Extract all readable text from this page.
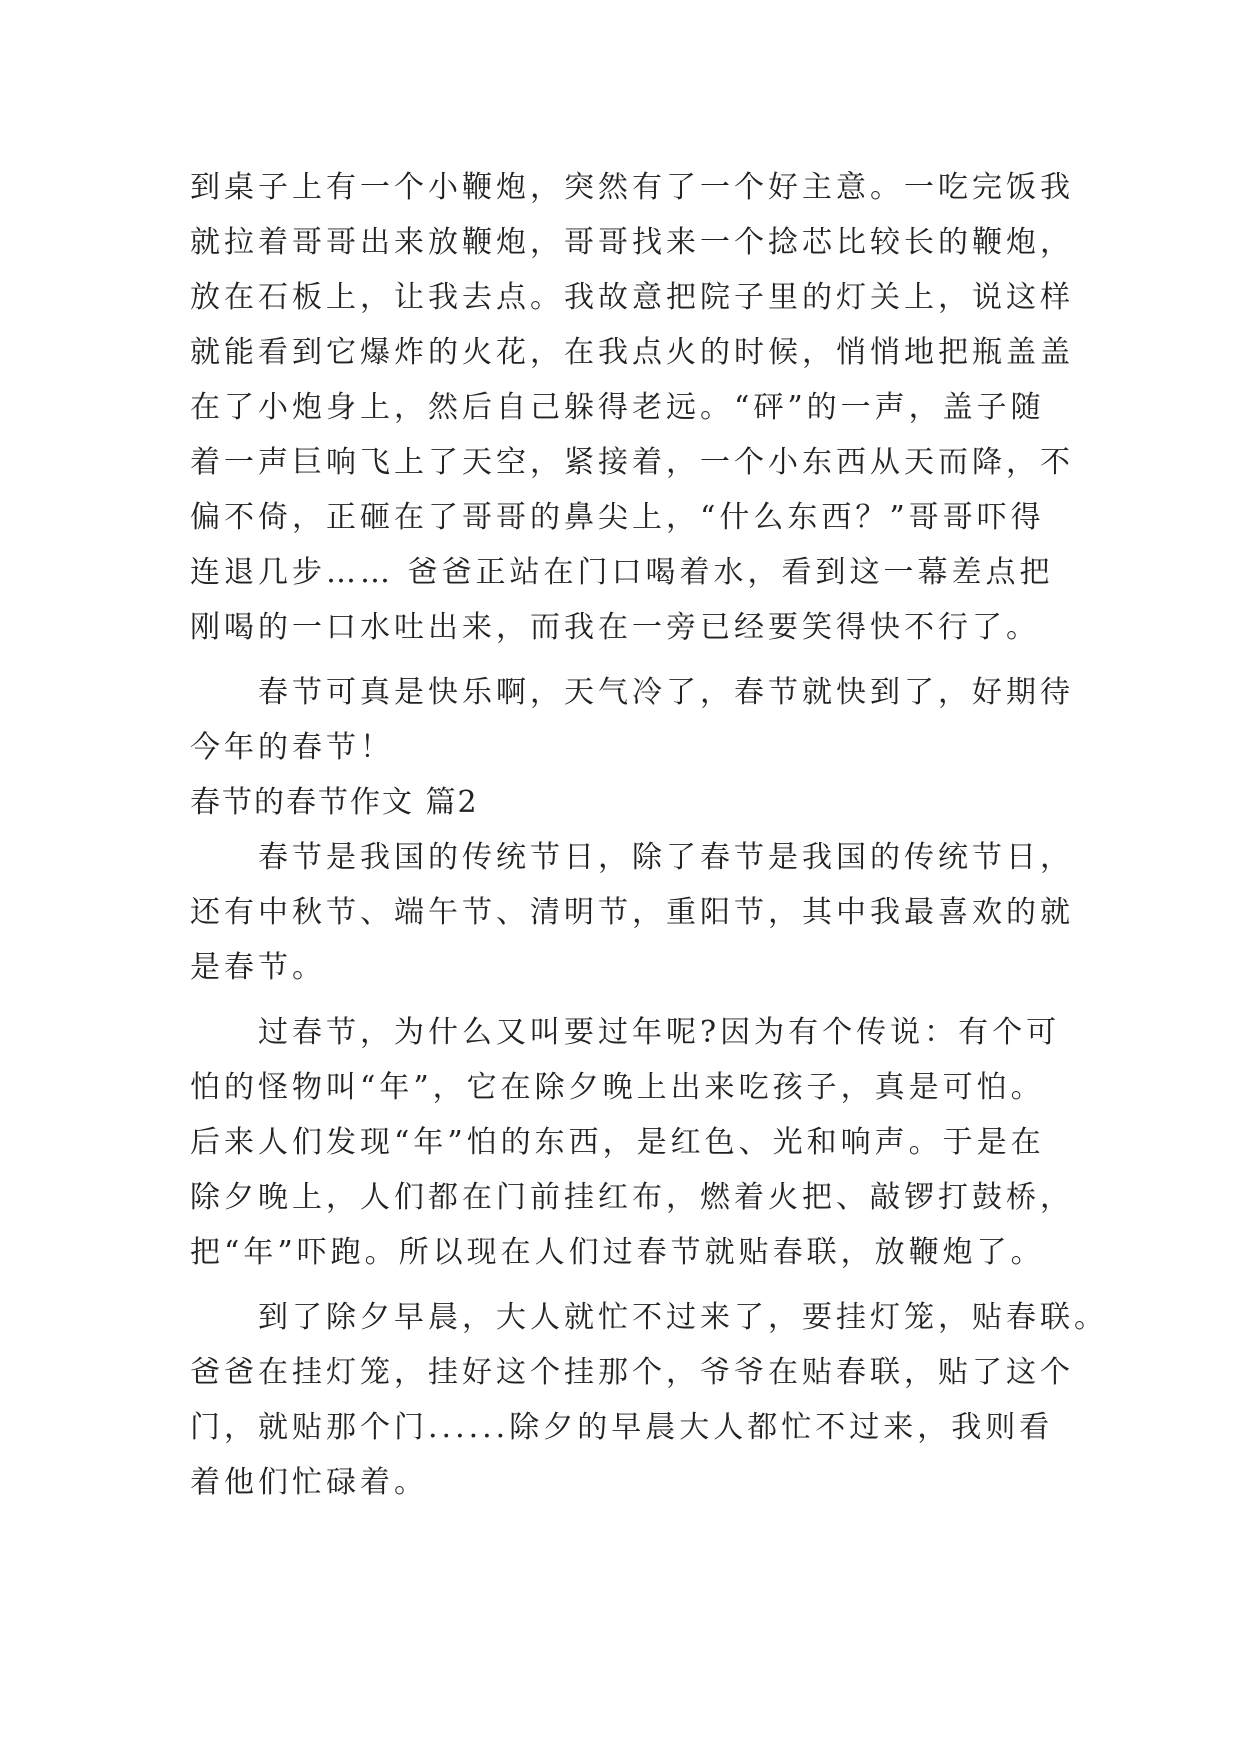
到桌子上有一个小鞭炮，突然有了一个好主意。一吃完饭我
就拉着哥哥出来放鞭炮，哥哥找来一个捻芯比较长的鞭炮，
放在石板上，让我去点。我故意把院子里的灯关上，说这样
就能看到它爆炸的火花，在我点火的时候，悄悄地把瓶盖盖
在了小炮身上，然后自己躲得老远。“砰”的一声，盖子随
着一声巨响飞上了天空，紧接着，一个小东西从天而降，不
偏不倚，正砸在了哥哥的鼻尖上，“什么东西？”哥哥吓得
连退几步…… 爸爸正站在门口喝着水，看到这一幕差点把
刚喝的一口水吐出来，而我在一旁已经要笑得快不行了。

春节可真是快乐啊，天气冷了，春节就快到了，好期待
今年的春节！

春节的春节作文 篇2

春节是我国的传统节日，除了春节是我国的传统节日，
还有中秋节、端午节、清明节，重阳节，其中我最喜欢的就
是春节。

过春节，为什么又叫要过年呢?因为有个传说：有个可
怕的怪物叫“年”，它在除夕晚上出来吃孩子，真是可怕。
后来人们发现“年”怕的东西，是红色、光和响声。于是在
除夕晚上，人们都在门前挂红布，燃着火把、敲锣打鼓桥，
把“年”吓跑。所以现在人们过春节就贴春联，放鞭炮了。

到了除夕早晨，大人就忙不过来了，要挂灯笼，贴春联。
爸爸在挂灯笼，挂好这个挂那个，爷爷在贴春联，贴了这个
门，就贴那个门......除夕的早晨大人都忙不过来，我则看
着他们忙碌着。
